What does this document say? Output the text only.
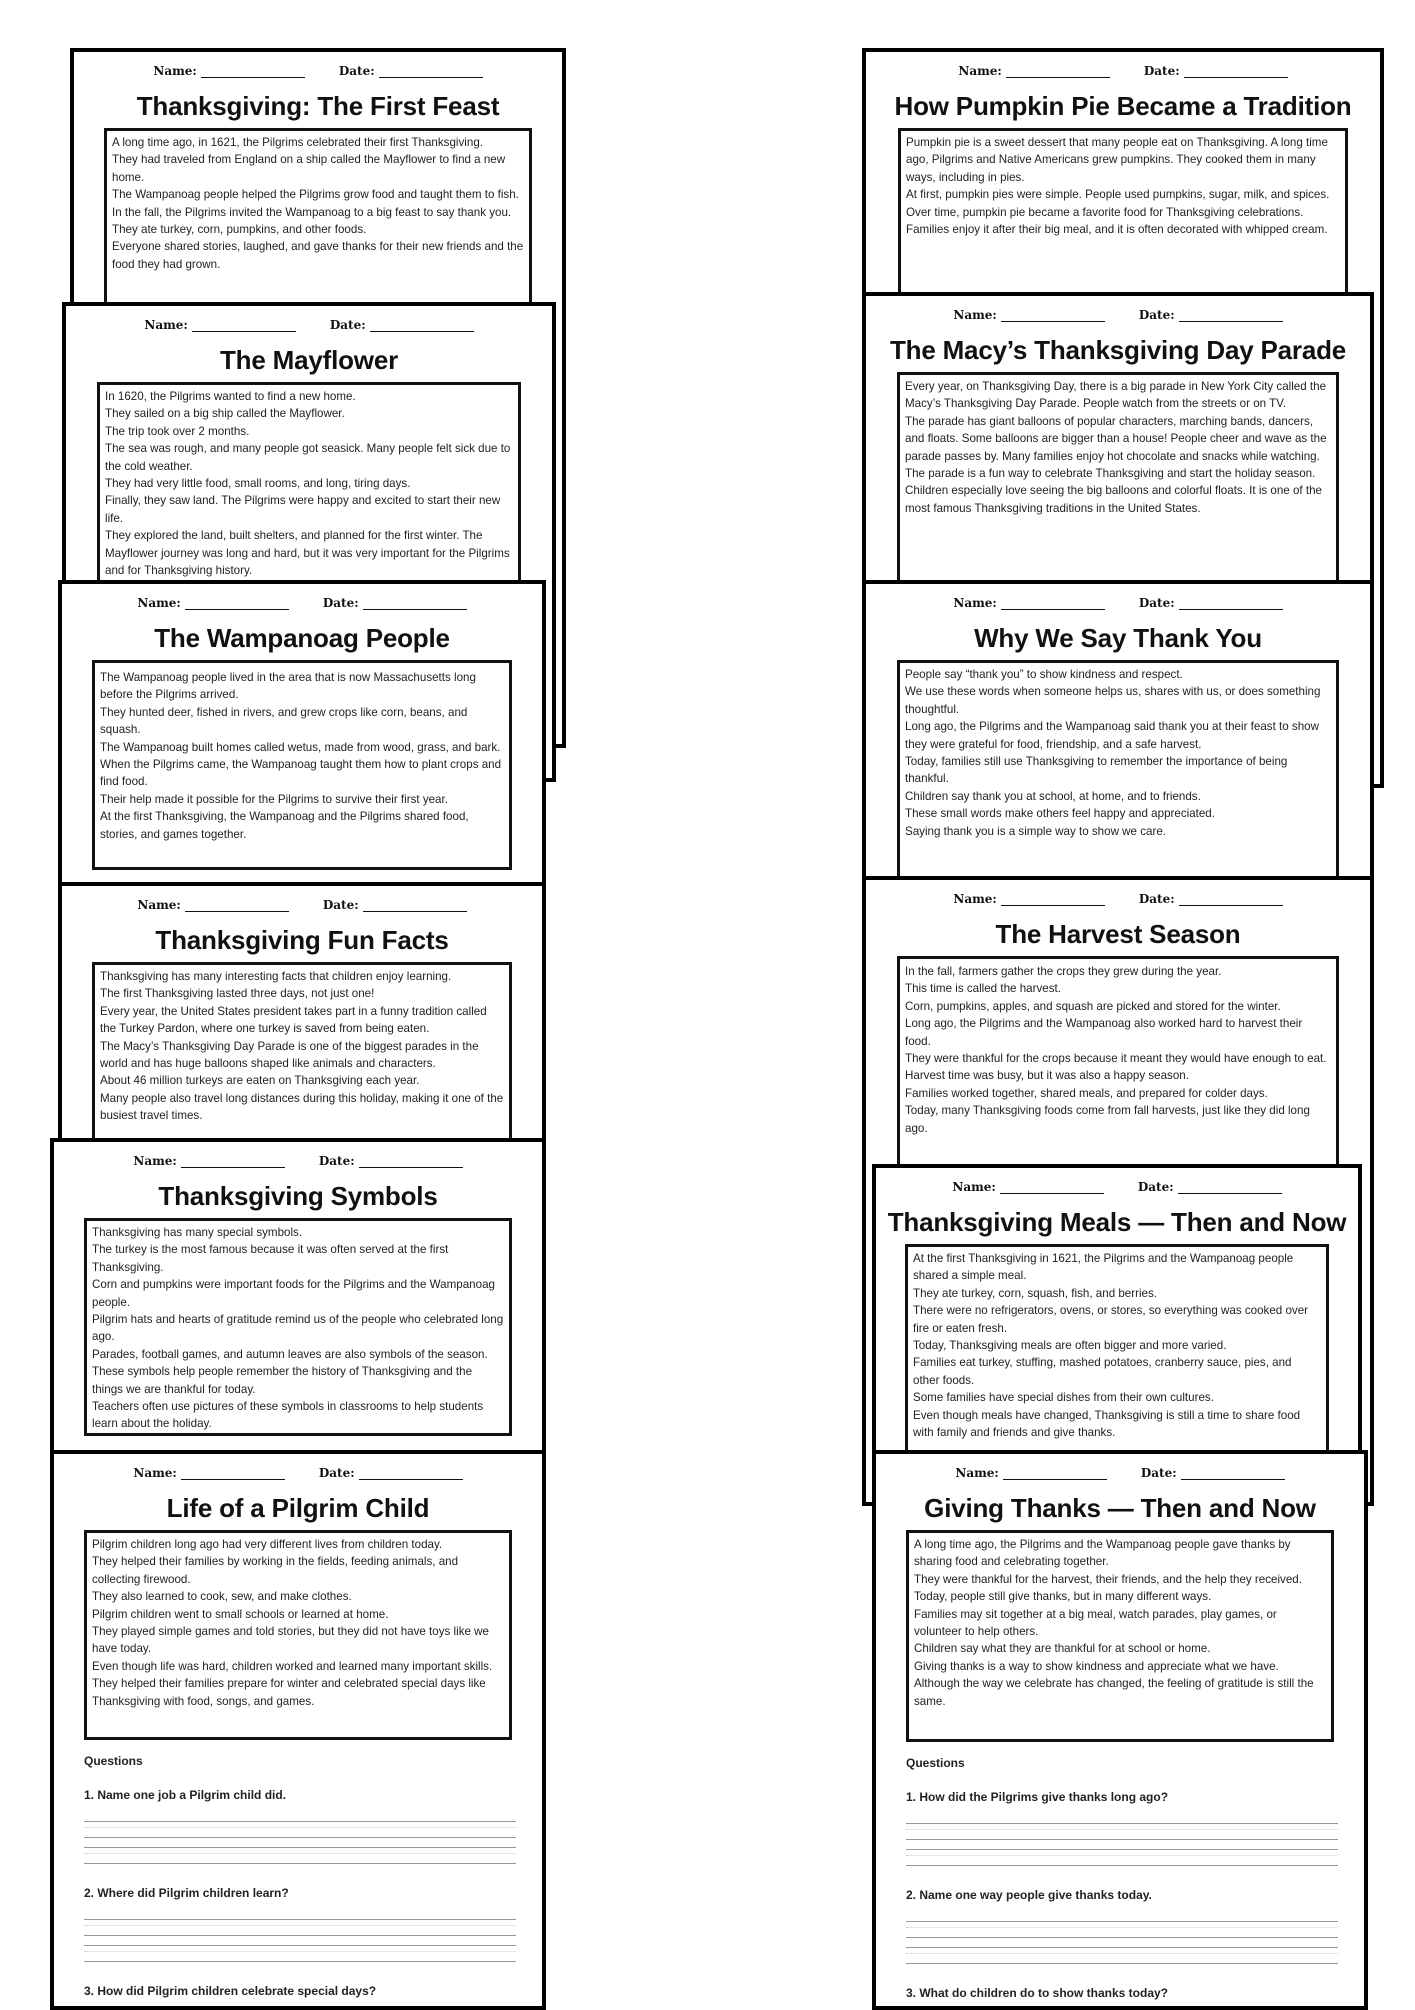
Name:	Date:
Thanksgiving: The First Feast

A long time ago, in 1621, the Pilgrims celebrated their first Thanksgiving.

They had traveled from England on a ship called the Mayflower to find a new home.

The Wampanoag people helped the Pilgrims grow food and taught them to fish.

In the fall, the Pilgrims invited the Wampanoag to a big feast to say thank you.

They ate turkey, corn, pumpkins, and other foods.

Everyone shared stories, laughed, and gave thanks for their new friends and the food they had grown.

Name:	Date:
The Mayflower

In 1620, the Pilgrims wanted to find a new home.

They sailed on a big ship called the Mayflower.

The trip took over 2 months.

The sea was rough, and many people got seasick. Many people felt sick due to the cold weather.

They had very little food, small rooms, and long, tiring days.

Finally, they saw land. The Pilgrims were happy and excited to start their new life.

They explored the land, built shelters, and planned for the first winter. The Mayflower journey was long and hard, but it was very important for the Pilgrims and for Thanksgiving history.

Name:	Date:
The Wampanoag People

The Wampanoag people lived in the area that is now Massachusetts long before the Pilgrims arrived.

They hunted deer, fished in rivers, and grew crops like corn, beans, and squash.

The Wampanoag built homes called wetus, made from wood, grass, and bark.

When the Pilgrims came, the Wampanoag taught them how to plant crops and find food.

Their help made it possible for the Pilgrims to survive their first year.

At the first Thanksgiving, the Wampanoag and the Pilgrims shared food, stories, and games together.

Name:	Date:
Thanksgiving Fun Facts

Thanksgiving has many interesting facts that children enjoy learning.

The first Thanksgiving lasted three days, not just one!

Every year, the United States president takes part in a funny tradition called the Turkey Pardon, where one turkey is saved from being eaten.

The Macy’s Thanksgiving Day Parade is one of the biggest parades in the world and has huge balloons shaped like animals and characters.

About 46 million turkeys are eaten on Thanksgiving each year.

Many people also travel long distances during this holiday, making it one of the busiest travel times.

Name:	Date:
Thanksgiving Symbols

Thanksgiving has many special symbols.

The turkey is the most famous because it was often served at the first Thanksgiving.

Corn and pumpkins were important foods for the Pilgrims and the Wampanoag people.

Pilgrim hats and hearts of gratitude remind us of the people who celebrated long ago.

Parades, football games, and autumn leaves are also symbols of the season.

These symbols help people remember the history of Thanksgiving and the things we are thankful for today.

Teachers often use pictures of these symbols in classrooms to help students learn about the holiday.

Name:	Date:
Life of a Pilgrim Child

Pilgrim children long ago had very different lives from children today.

They helped their families by working in the fields, feeding animals, and collecting firewood.

They also learned to cook, sew, and make clothes.

Pilgrim children went to small schools or learned at home.

They played simple games and told stories, but they did not have toys like we have today.

Even though life was hard, children worked and learned many important skills.

They helped their families prepare for winter and celebrated special days like Thanksgiving with food, songs, and games.

Questions
1. Name one job a Pilgrim child did.
2. Where did Pilgrim children learn?
3. How did Pilgrim children celebrate special days?
Name:	Date:
How Pumpkin Pie Became a Tradition

Pumpkin pie is a sweet dessert that many people eat on Thanksgiving. A long time ago, Pilgrims and Native Americans grew pumpkins. They cooked them in many ways, including in pies.

At first, pumpkin pies were simple. People used pumpkins, sugar, milk, and spices.

Over time, pumpkin pie became a favorite food for Thanksgiving celebrations. Families enjoy it after their big meal, and it is often decorated with whipped cream.

Name:	Date:
The Macy’s Thanksgiving Day Parade

Every year, on Thanksgiving Day, there is a big parade in New York City called the Macy’s Thanksgiving Day Parade. People watch from the streets or on TV.

The parade has giant balloons of popular characters, marching bands, dancers, and floats. Some balloons are bigger than a house! People cheer and wave as the parade passes by. Many families enjoy hot chocolate and snacks while watching.

The parade is a fun way to celebrate Thanksgiving and start the holiday season.

Children especially love seeing the big balloons and colorful floats. It is one of the most famous Thanksgiving traditions in the United States.

Name:	Date:
Why We Say Thank You

People say “thank you” to show kindness and respect.

We use these words when someone helps us, shares with us, or does something thoughtful.

Long ago, the Pilgrims and the Wampanoag said thank you at their feast to show they were grateful for food, friendship, and a safe harvest.

Today, families still use Thanksgiving to remember the importance of being thankful.

Children say thank you at school, at home, and to friends.

These small words make others feel happy and appreciated.

Saying thank you is a simple way to show we care.

Name:	Date:
The Harvest Season

In the fall, farmers gather the crops they grew during the year.

This time is called the harvest.

Corn, pumpkins, apples, and squash are picked and stored for the winter.

Long ago, the Pilgrims and the Wampanoag also worked hard to harvest their food.

They were thankful for the crops because it meant they would have enough to eat.

Harvest time was busy, but it was also a happy season.

Families worked together, shared meals, and prepared for colder days.

Today, many Thanksgiving foods come from fall harvests, just like they did long ago.

Name:	Date:
Thanksgiving Meals — Then and Now

At the first Thanksgiving in 1621, the Pilgrims and the Wampanoag people shared a simple meal.

They ate turkey, corn, squash, fish, and berries.

There were no refrigerators, ovens, or stores, so everything was cooked over fire or eaten fresh.

Today, Thanksgiving meals are often bigger and more varied.

Families eat turkey, stuffing, mashed potatoes, cranberry sauce, pies, and other foods.

Some families have special dishes from their own cultures.

Even though meals have changed, Thanksgiving is still a time to share food with family and friends and give thanks.

Name:	Date:
Giving Thanks — Then and Now

A long time ago, the Pilgrims and the Wampanoag people gave thanks by sharing food and celebrating together.

They were thankful for the harvest, their friends, and the help they received.

Today, people still give thanks, but in many different ways.

Families may sit together at a big meal, watch parades, play games, or volunteer to help others.

Children say what they are thankful for at school or home.

Giving thanks is a way to show kindness and appreciate what we have.

Although the way we celebrate has changed, the feeling of gratitude is still the same.

Questions
1. How did the Pilgrims give thanks long ago?
2. Name one way people give thanks today.
3. What do children do to show thanks today?
